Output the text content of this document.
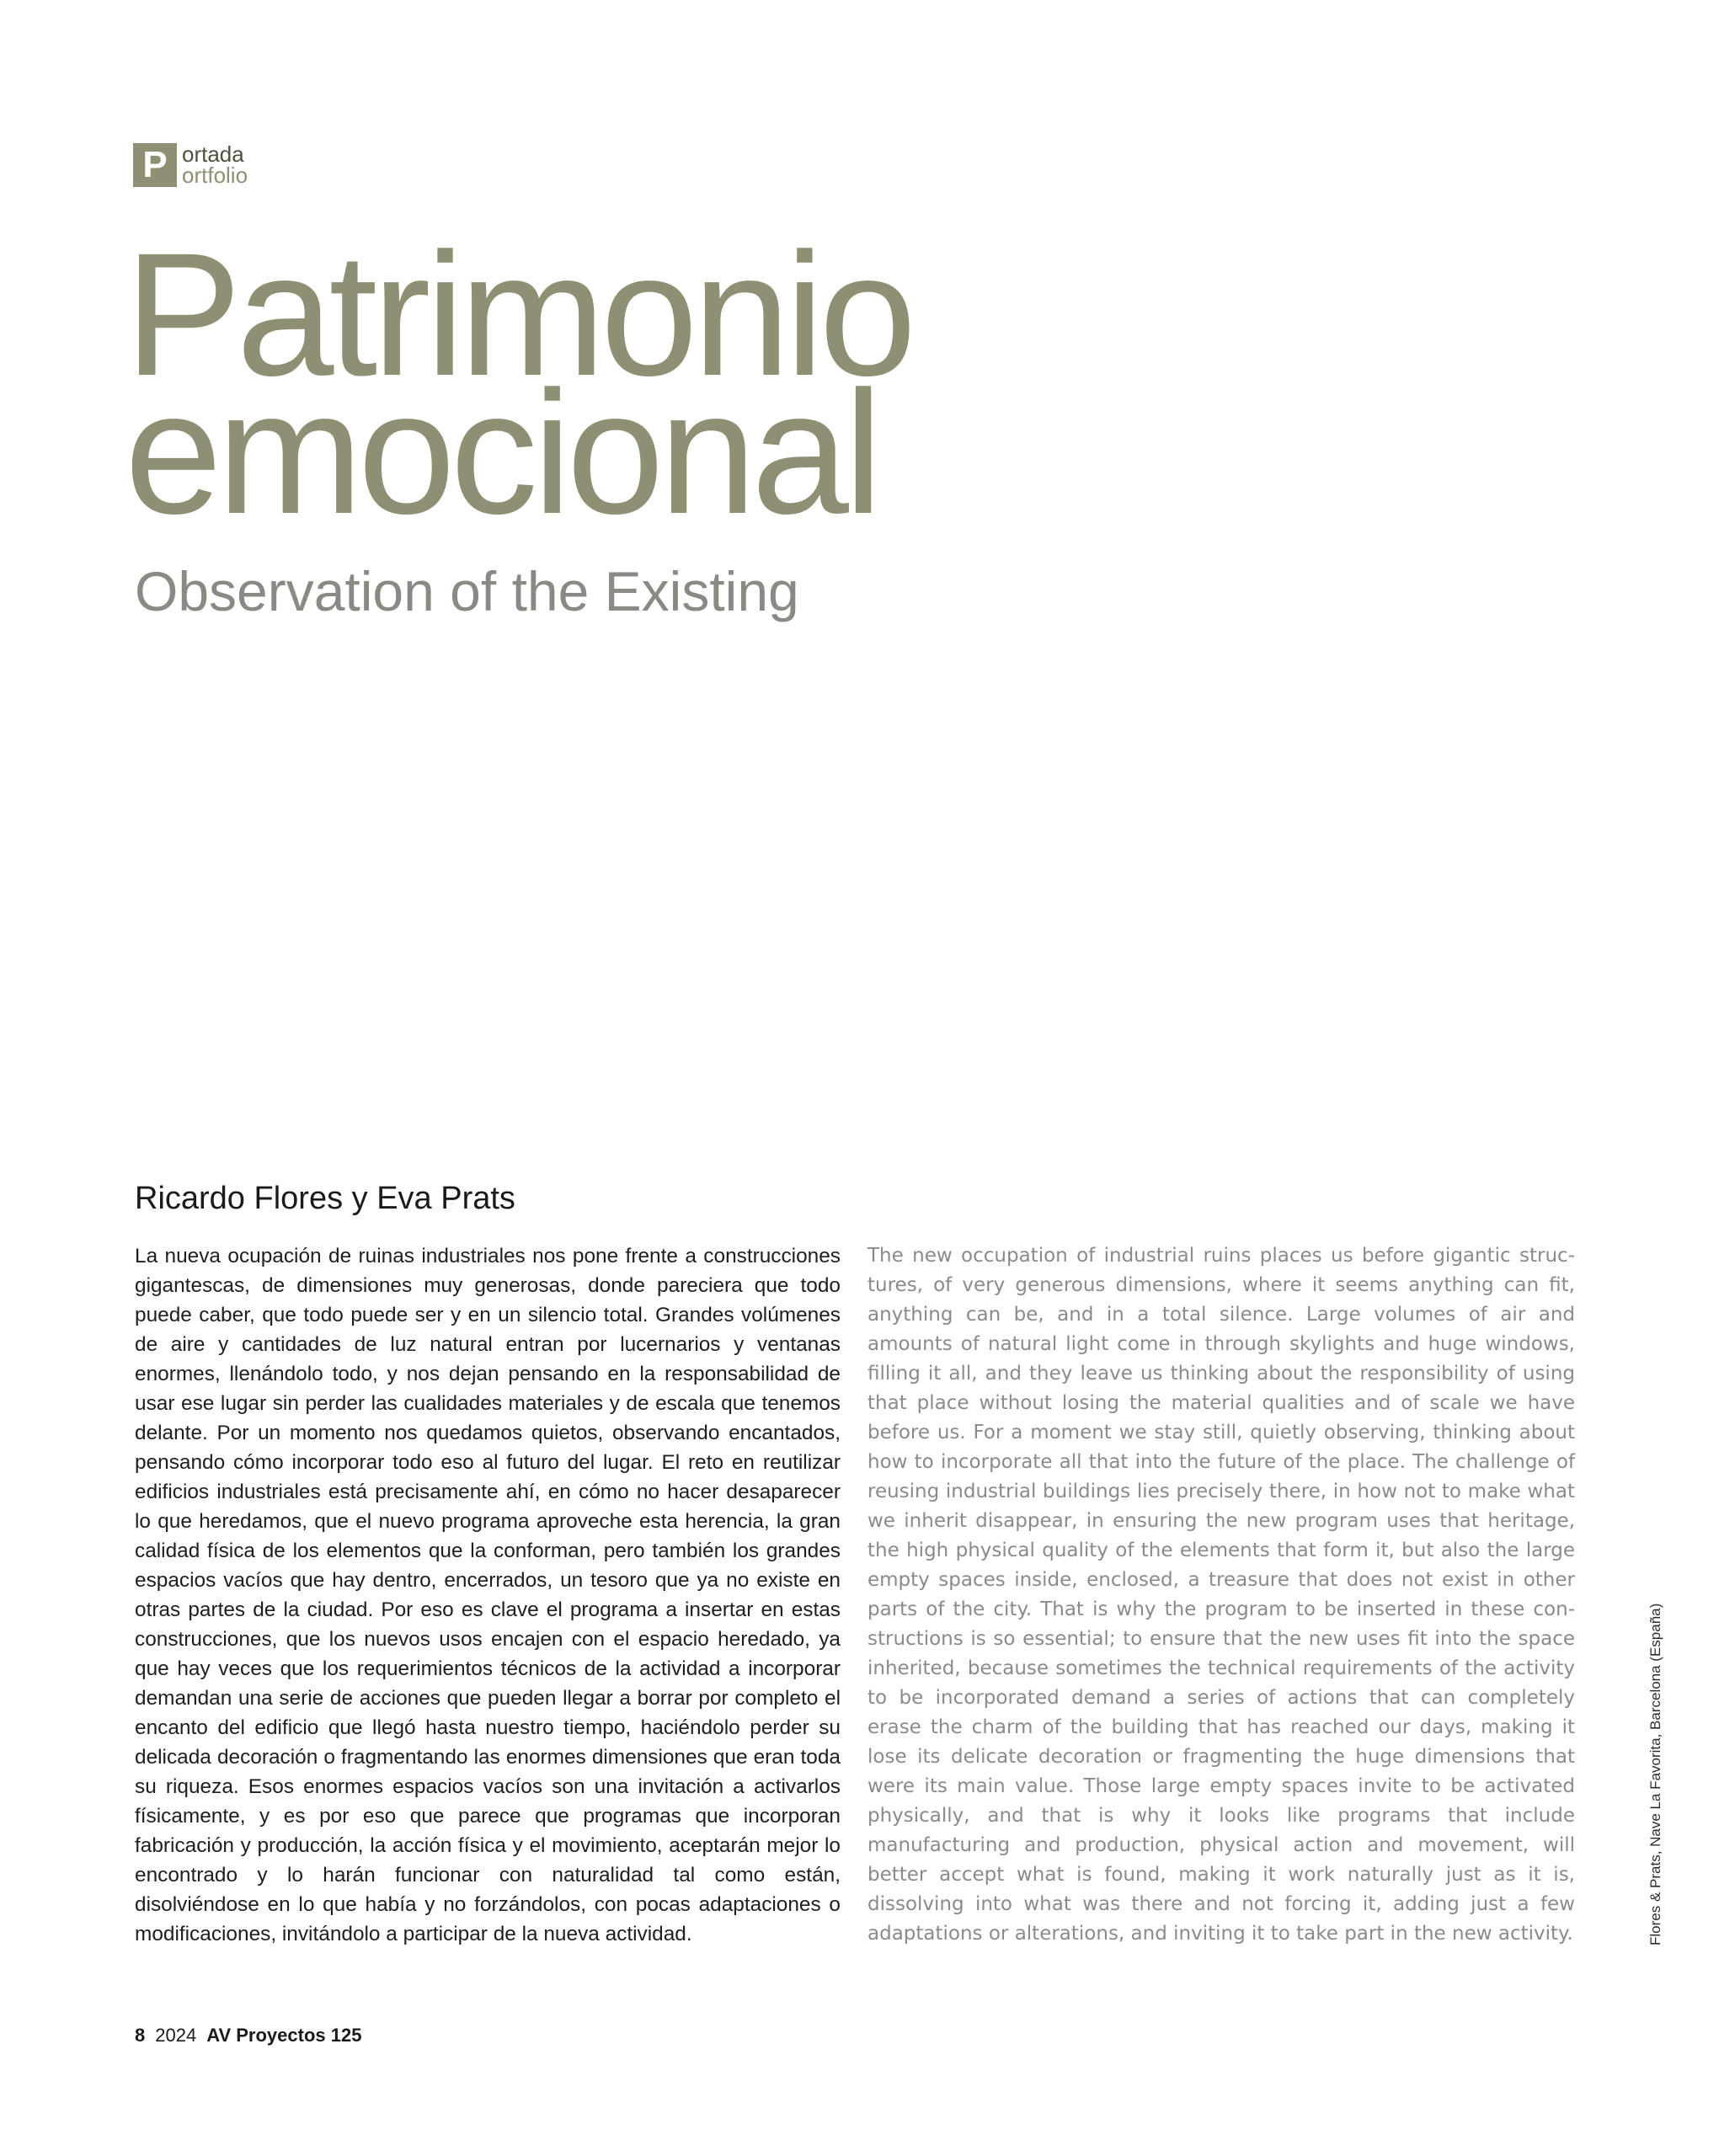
P ortada
ortfolio
Patrimonio
emocional
Observation of the Existing
Ricardo Flores y Eva Prats

La nueva ocupación de ruinas industriales nos pone frente a construcciones gigantescas, de dimensiones muy generosas, donde pareciera que todo puede caber, que todo puede ser y en un silencio total. Grandes volúmenes de aire y cantidades de luz natural entran por lucernarios y ventanas enormes, llenándolo todo, y nos dejan pensando en la responsabilidad de usar ese lugar sin perder las cualidades materiales y de escala que tenemos delante. Por un momento nos quedamos quietos, observando encantados, pensando cómo incorporar todo eso al futuro del lugar. El reto en reutilizar edificios industriales está precisamente ahí, en cómo no hacer desaparecer lo que heredamos, que el nuevo programa aproveche esta herencia, la gran calidad física de los elementos que la conforman, pero también los grandes espacios vacíos que hay dentro, encerrados, un tesoro que ya no existe en otras partes de la ciudad. Por eso es clave el programa a insertar en estas construcciones, que los nuevos usos encajen con el espacio heredado, ya que hay veces que los requerimientos técnicos de la actividad a incorporar demandan una serie de acciones que pueden llegar a borrar por completo el encanto del edificio que llegó hasta nuestro tiempo, haciéndolo perder su delicada decoración o fragmentando las enormes dimensiones que eran toda su riqueza. Esos enormes espacios vacíos son una invitación a activarlos físicamente, y es por eso que parece que programas que incorporan fabricación y producción, la acción física y el movimiento, aceptarán mejor lo encontrado y lo harán funcionar con naturalidad tal como están, disolviéndose en lo que había y no forzándolos, con pocas adaptaciones o modificaciones, invitándolo a participar de la nueva actividad.

The new occupation of industrial ruins places us before gigantic structures, of very generous dimensions, where it seems anything can fit, anything can be, and in a total silence. Large volumes of air and amounts of natural light come in through skylights and huge windows, filling it all, and they leave us thinking about the responsibility of using that place without losing the material qualities and of scale we have before us. For a moment we stay still, quietly observing, thinking about how to incorporate all that into the future of the place. The challenge of reusing industrial buildings lies precisely there, in how not to make what we inherit disappear, in ensuring the new program uses that heritage, the high physical quality of the elements that form it, but also the large empty spaces inside, enclosed, a treasure that does not exist in other parts of the city. That is why the program to be inserted in these constructions is so essential; to ensure that the new uses fit into the space inherited, because sometimes the technical requirements of the activity to be incorporated demand a series of actions that can completely erase the charm of the building that has reached our days, making it lose its delicate decoration or fragmenting the huge dimensions that were its main value. Those large empty spaces invite to be activated physically, and that is why it looks like programs that include manufacturing and production, physical action and movement, will better accept what is found, making it work naturally just as it is, dissolving into what was there and not forcing it, adding just a few adaptations or alterations, and inviting it to take part in the new activity.	Flores & Prats, Nave La Favorita, Barcelona (España)
8 2024 AV Proyectos 125
